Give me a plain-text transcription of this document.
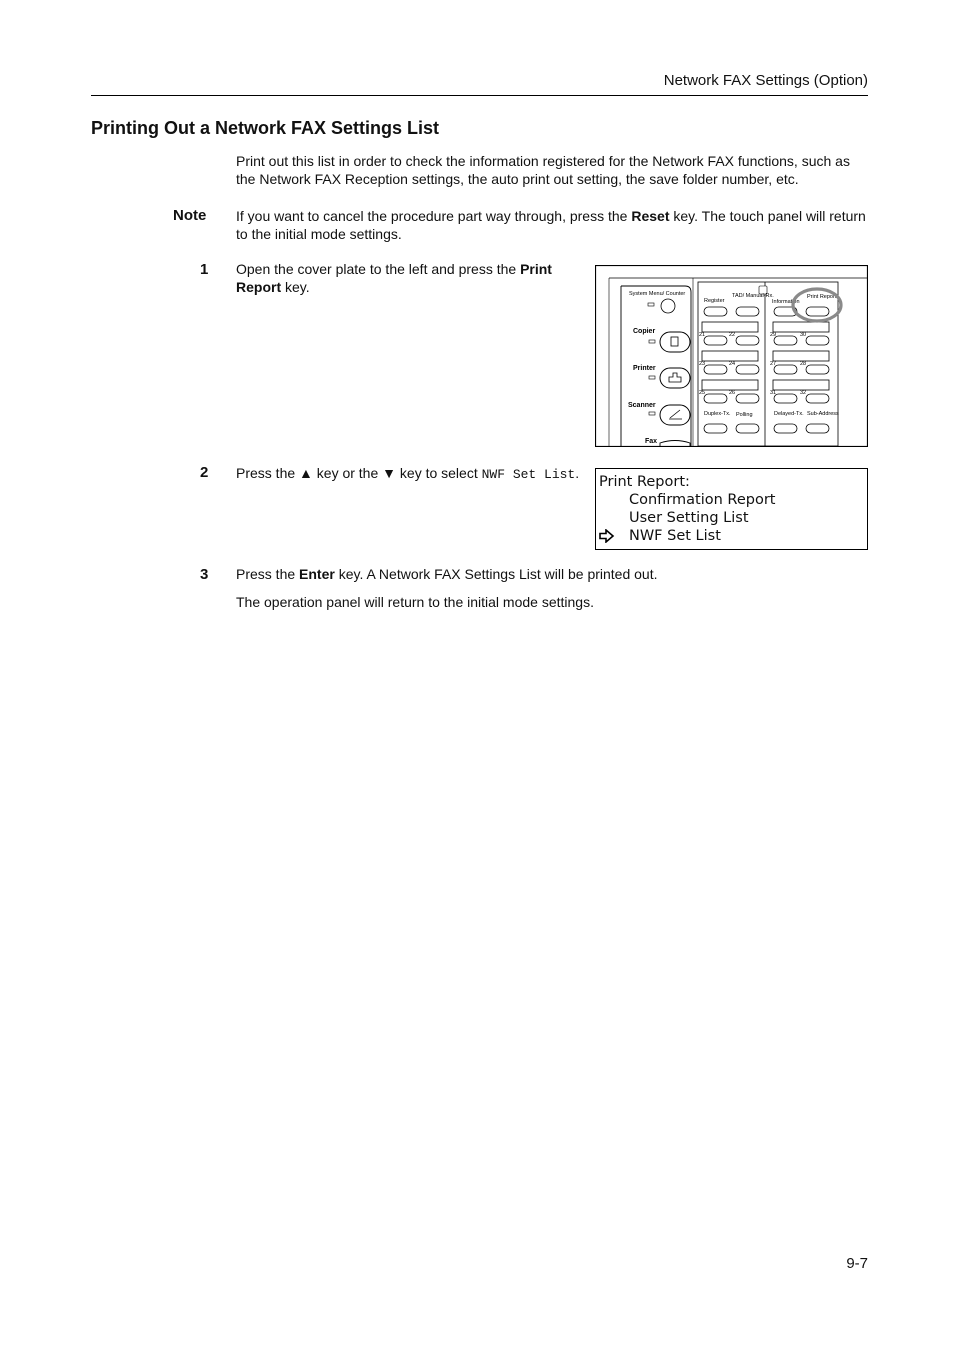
Network FAX Settings (Option)
Printing Out a Network FAX Settings List
Print out this list in order to check the information registered for the Network FAX functions, such as the Network FAX Reception settings, the auto print out setting, the save folder number, etc.
Note If you want to cancel the procedure part way through, press the Reset key. The touch panel will return to the initial mode settings.
1 Open the cover plate to the left and press the Print Report key.	System Menu/ Counter
Copier
Printer
Scanner
Fax
Register
TAD/ Manual-Rx.
Information
Print Report
21	22
23	24
25	26
29	30
27	28
31	32
Duplex-Tx. Polling	Delayed-Tx. Sub-Address
2 Press the ▲ key or the ▼ key to select NWF Set List.
Print Report:
Confirmation Report
User Setting List
NWF Set List
3 Press the Enter key. A Network FAX Settings List will be printed out.
The operation panel will return to the initial mode settings.
9-7
